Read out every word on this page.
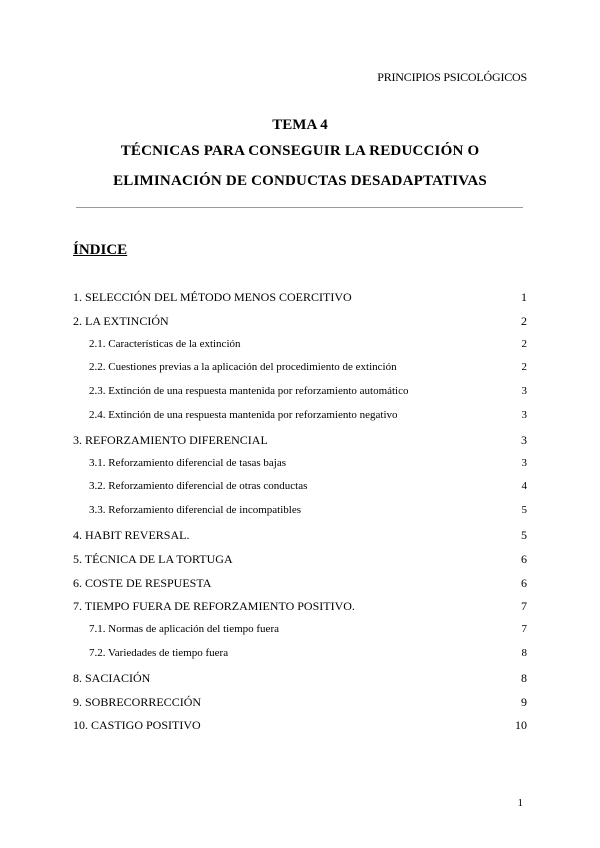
PRINCIPIOS PSICOLÓGICOS
TEMA 4
TÉCNICAS PARA CONSEGUIR LA REDUCCIÓN O
ELIMINACIÓN DE CONDUCTAS DESADAPTATIVAS
ÍNDICE
1. SELECCIÓN DEL MÉTODO MENOS COERCITIVO	1
2. LA EXTINCIÓN	2
2.1. Características de la extinción	2
2.2. Cuestiones previas a la aplicación del procedimiento de extinción	2
2.3. Extinción de una respuesta mantenida por reforzamiento automático	3
2.4. Extinción de una respuesta mantenida por reforzamiento negativo	3
3. REFORZAMIENTO DIFERENCIAL	3
3.1. Reforzamiento diferencial de tasas bajas	3
3.2. Reforzamiento diferencial de otras conductas	4
3.3. Reforzamiento diferencial de incompatibles	5
4. HABIT REVERSAL.	5
5. TÉCNICA DE LA TORTUGA	6
6. COSTE DE RESPUESTA	6
7. TIEMPO FUERA DE REFORZAMIENTO POSITIVO.	7
7.1. Normas de aplicación del tiempo fuera	7
7.2. Variedades de tiempo fuera	8
8. SACIACIÓN	8
9. SOBRECORRECCIÓN	9
10. CASTIGO POSITIVO	10
1
